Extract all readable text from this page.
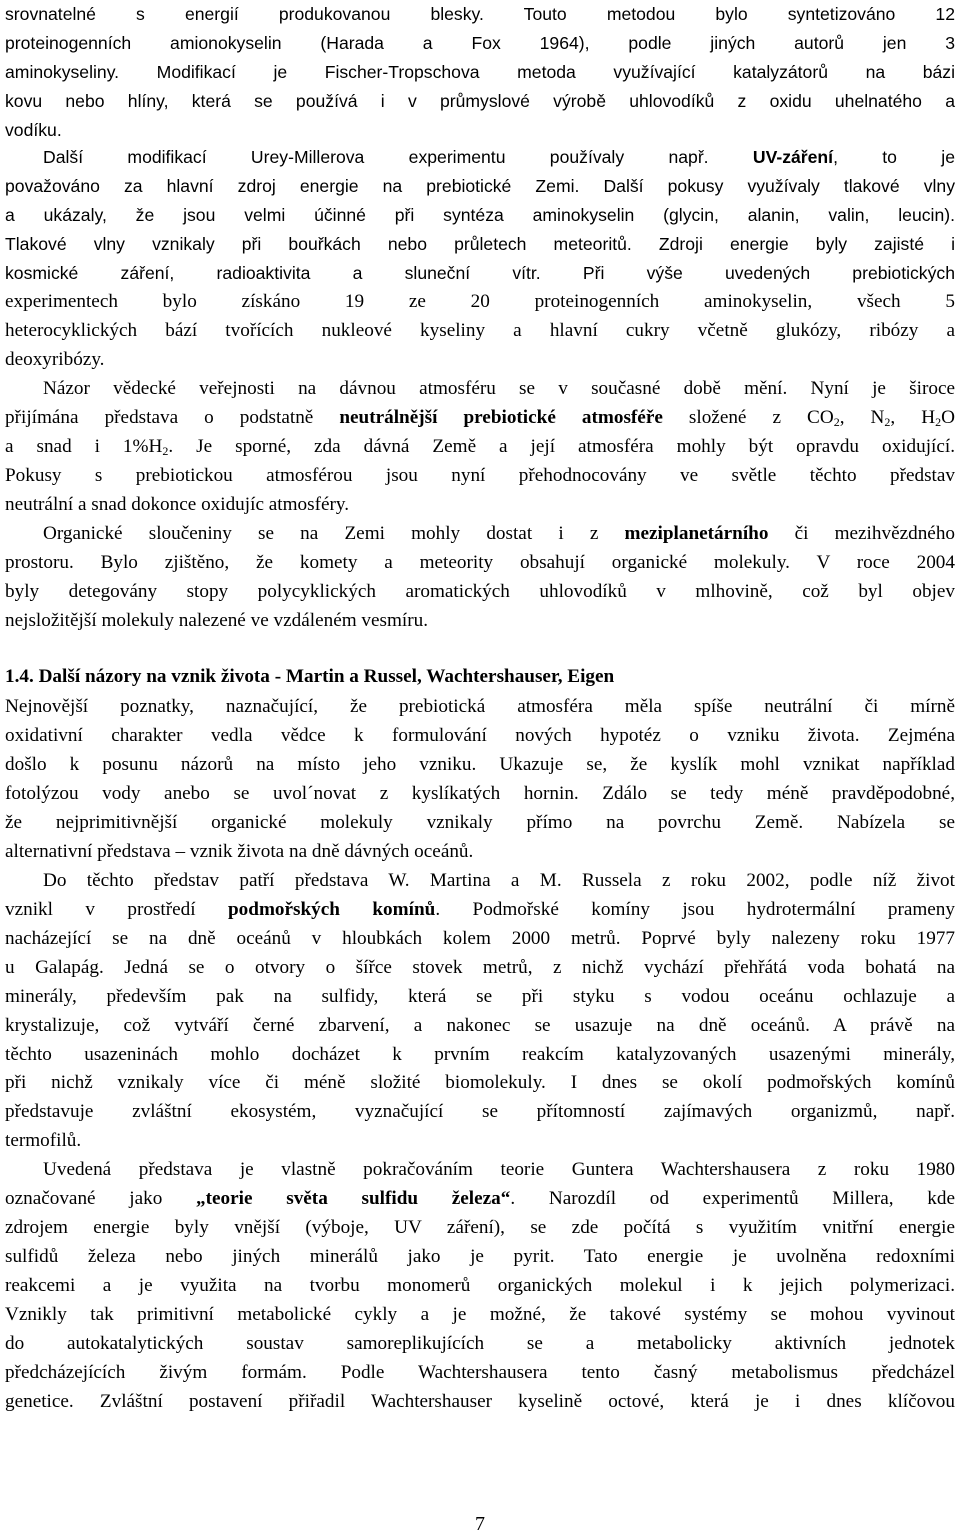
srovnatelné s energií produkovanou blesky. Touto metodou bylo syntetizováno 12
proteinogenních amionokyselin (Harada a Fox 1964), podle jiných autorů jen 3
aminokyseliny. Modifikací je Fischer-Tropschova metoda využívající katalyzátorů na bázi
kovu nebo hlíny, která se používá i v průmyslové výrobě uhlovodíků z oxidu uhelnatého a
vodíku.
Další modifikací Urey-Millerova experimentu používaly např. UV-záření, to je
považováno za hlavní zdroj energie na prebiotické Zemi. Další pokusy využívaly tlakové vlny
a ukázaly, že jsou velmi účinné při syntéza aminokyselin (glycin, alanin, valin, leucin).
Tlakové vlny vznikaly při bouřkách nebo průletech meteoritů. Zdroji energie byly zajisté i
kosmické záření, radioaktivita a sluneční vítr. Při výše uvedených prebiotických
experimentech bylo získáno 19 ze 20 proteinogenních aminokyselin, všech 5
heterocyklických bází tvořících nukleové kyseliny a hlavní cukry včetně glukózy, ribózy a
deoxyribózy.
Názor vědecké veřejnosti na dávnou atmosféru se v současné době mění. Nyní je široce
přijímána představa o podstatně neutrálnější prebiotické atmosféře složené z $CO_2$, $N_2$, $H_2O$
a snad i $1\%H_2$. Je sporné, zda dávná Země a její atmosféra mohly být opravdu oxidující.
Pokusy s prebiotickou atmosférou jsou nyní přehodnocovány ve světle těchto představ
neutrální a snad dokonce oxidujíc atmosféry.
Organické sloučeniny se na Zemi mohly dostat i z meziplanetárního či mezihvězdného
prostoru. Bylo zjištěno, že komety a meteority obsahují organické molekuly. V roce 2004
byly detegovány stopy polycyklických aromatických uhlovodíků v mlhovině, což byl objev
nejsložitější molekuly nalezené ve vzdáleném vesmíru.
1.4. Další názory na vznik života - Martin a Russel, Wachtershauser, Eigen
Nejnovější poznatky, naznačující, že prebiotická atmosféra měla spíše neutrální či mírně
oxidativní charakter vedla vědce k formulování nových hypotéz o vzniku života. Zejména
došlo k posunu názorů na místo jeho vzniku. Ukazuje se, že kyslík mohl vznikat například
fotolýzou vody anebo se uvol´novat z kyslíkatých hornin. Zdálo se tedy méně pravděpodobné,
že nejprimitivnější organické molekuly vznikaly přímo na povrchu Země. Nabízela se
alternativní představa – vznik života na dně dávných oceánů.
Do těchto představ patří představa W. Martina a M. Russela z roku 2002, podle níž život
vznikl v prostředí podmořských komínů. Podmořské komíny jsou hydrotermální prameny
nacházející se na dně oceánů v hloubkách kolem 2000 metrů. Poprvé byly nalezeny roku 1977
u Galapág. Jedná se o otvory o šířce stovek metrů, z nichž vychází přehřátá voda bohatá na
minerály, především pak na sulfidy, která se při styku s vodou oceánu ochlazuje a
krystalizuje, což vytváří černé zbarvení, a nakonec se usazuje na dně oceánů. A právě na
těchto usazeninách mohlo docházet k prvním reakcím katalyzovaných usazenými minerály,
při nichž vznikaly více či méně složité biomolekuly. I dnes se okolí podmořských komínů
představuje zvláštní ekosystém, vyznačující se přítomností zajímavých organizmů, např.
termofilů.
Uvedená představa je vlastně pokračováním teorie Guntera Wachtershausera z roku 1980
označované jako „teorie světa sulfidu železa“. Narozdíl od experimentů Millera, kde
zdrojem energie byly vnější (výboje, UV záření), se zde počítá s využitím vnitřní energie
sulfidů železa nebo jiných minerálů jako je pyrit. Tato energie je uvolněna redoxními
reakcemi a je využita na tvorbu monomerů organických molekul i k jejich polymerizaci.
Vznikly tak primitivní metabolické cykly a je možné, že takové systémy se mohou vyvinout
do autokatalytických soustav samoreplikujících se a metabolicky aktivních jednotek
předcházejících živým formám. Podle Wachtershausera tento časný metabolismus předcházel
genetice. Zvláštní postavení přiřadil Wachtershauser kyselině octové, která je i dnes klíčovou
7
